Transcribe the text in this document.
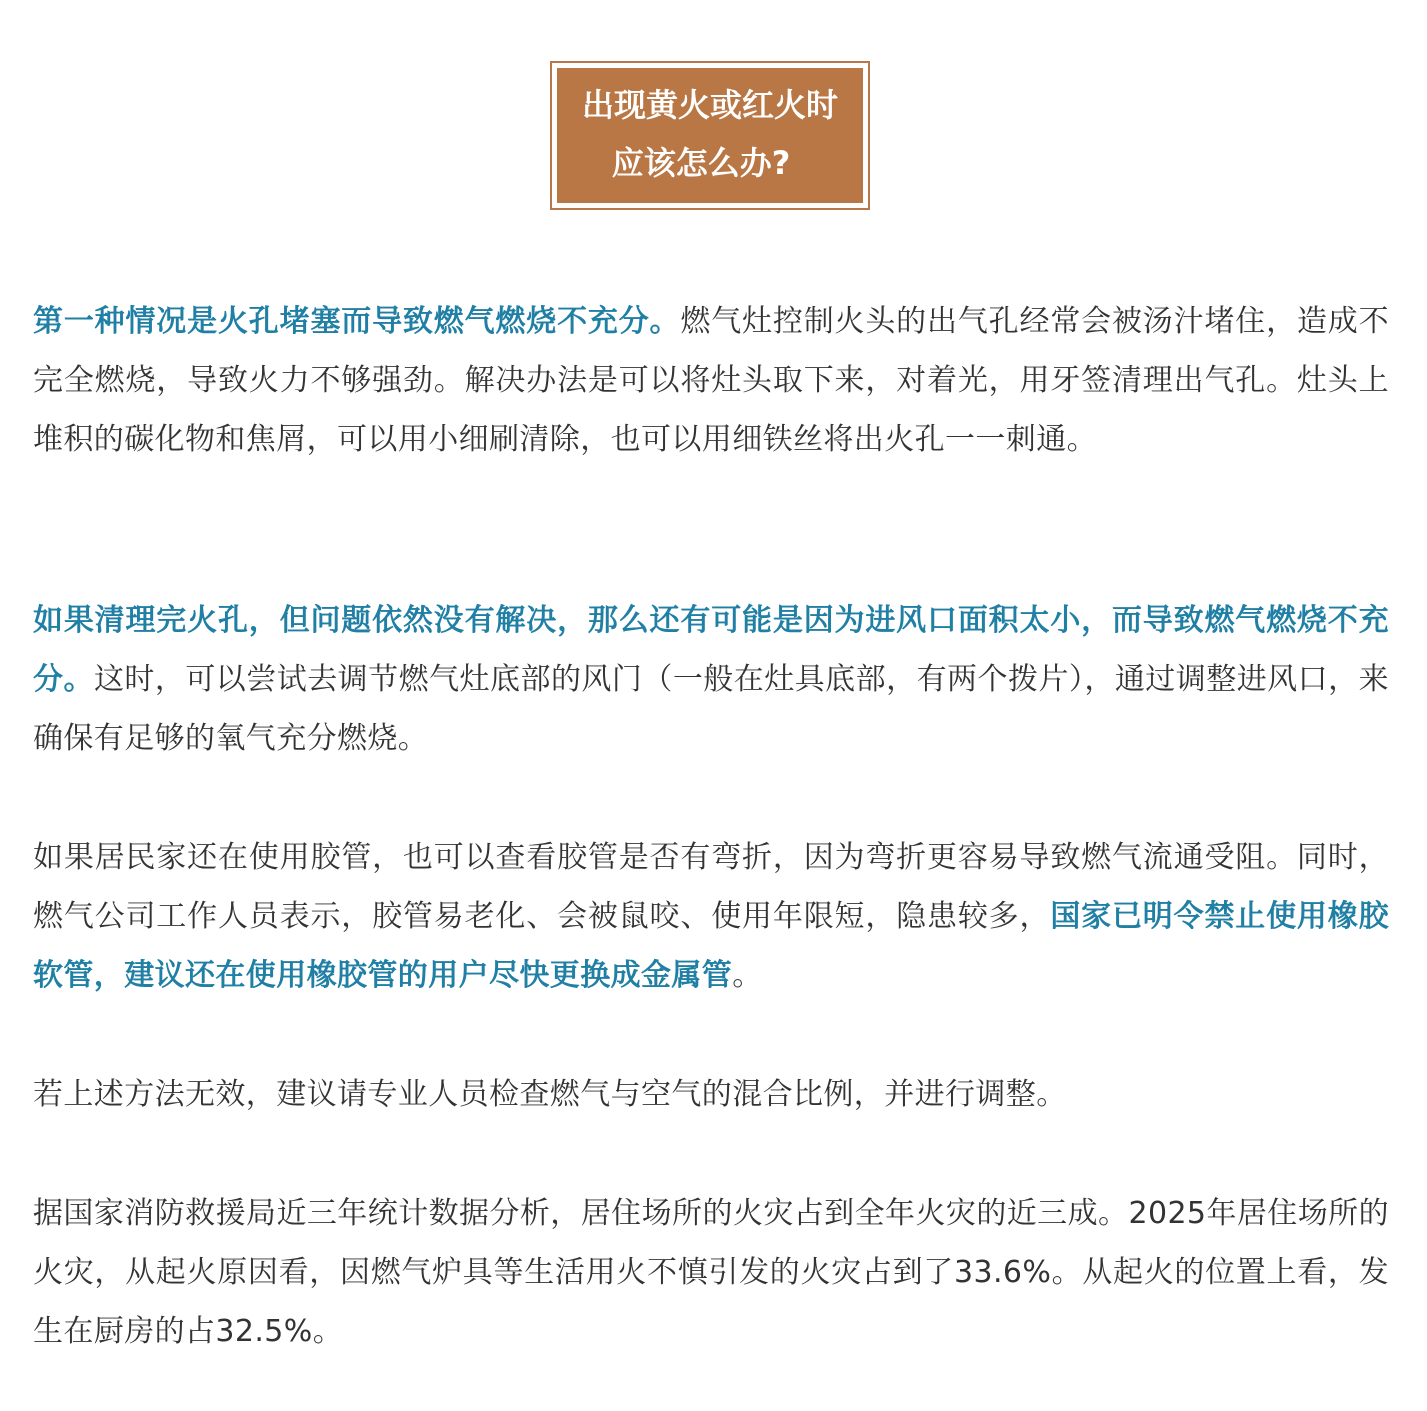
出现黄火或红火时
应该怎么办?

第一种情况是火孔堵塞而导致燃气燃烧不充分。燃气灶控制火头的出气孔经常会被汤汁堵住，造成不完全燃烧，导致火力不够强劲。解决办法是可以将灶头取下来，对着光，用牙签清理出气孔。灶头上堆积的碳化物和焦屑，可以用小细刷清除，也可以用细铁丝将出火孔一一刺通。

如果清理完火孔，但问题依然没有解决，那么还有可能是因为进风口面积太小，而导致燃气燃烧不充分。这时，可以尝试去调节燃气灶底部的风门（一般在灶具底部，有两个拨片），通过调整进风口，来确保有足够的氧气充分燃烧。

如果居民家还在使用胶管，也可以查看胶管是否有弯折，因为弯折更容易导致燃气流通受阻。同时，燃气公司工作人员表示，胶管易老化、会被鼠咬、使用年限短，隐患较多，国家已明令禁止使用橡胶软管，建议还在使用橡胶管的用户尽快更换成金属管。

若上述方法无效，建议请专业人员检查燃气与空气的混合比例，并进行调整。

据国家消防救援局近三年统计数据分析，居住场所的火灾占到全年火灾的近三成。2025年居住场所的火灾，从起火原因看，因燃气炉具等生活用火不慎引发的火灾占到了33.6%。从起火的位置上看，发生在厨房的占32.5%。
